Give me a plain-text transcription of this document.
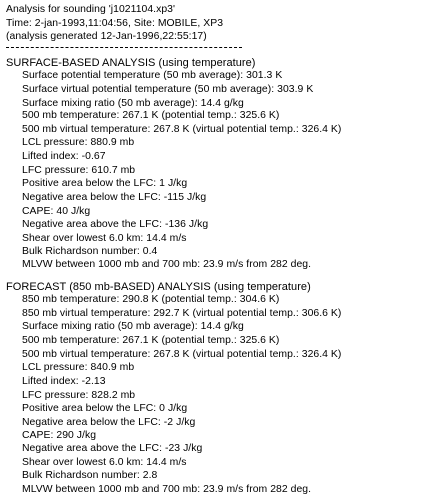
Analysis for sounding 'j1021104.xp3'
Time: 2-jan-1993,11:04:56, Site: MOBILE, XP3
(analysis generated 12-Jan-1996,22:55:17)
SURFACE-BASED ANALYSIS (using temperature)
Surface potential temperature (50 mb average): 301.3 K
Surface virtual potential temperature (50 mb average): 303.9 K
Surface mixing ratio (50 mb average): 14.4 g/kg
500 mb temperature: 267.1 K (potential temp.: 325.6 K)
500 mb virtual temperature: 267.8 K (virtual potential temp.: 326.4 K)
LCL pressure: 880.9 mb
Lifted index: -0.67
LFC pressure: 610.7 mb
Positive area below the LFC: 1 J/kg
Negative area below the LFC: -115 J/kg
CAPE: 40 J/kg
Negative area above the LFC: -136 J/kg
Shear over lowest 6.0 km: 14.4 m/s
Bulk Richardson number: 0.4
MLVW between 1000 mb and 700 mb: 23.9 m/s from 282 deg.
FORECAST (850 mb-BASED) ANALYSIS (using temperature)
850 mb temperature: 290.8 K (potential temp.: 304.6 K)
850 mb virtual temperature: 292.7 K (virtual potential temp.: 306.6 K)
Surface mixing ratio (50 mb average): 14.4 g/kg
500 mb temperature: 267.1 K (potential temp.: 325.6 K)
500 mb virtual temperature: 267.8 K (virtual potential temp.: 326.4 K)
LCL pressure: 840.9 mb
Lifted index: -2.13
LFC pressure: 828.2 mb
Positive area below the LFC: 0 J/kg
Negative area below the LFC: -2 J/kg
CAPE: 290 J/kg
Negative area above the LFC: -23 J/kg
Shear over lowest 6.0 km: 14.4 m/s
Bulk Richardson number: 2.8
MLVW between 1000 mb and 700 mb: 23.9 m/s from 282 deg.
